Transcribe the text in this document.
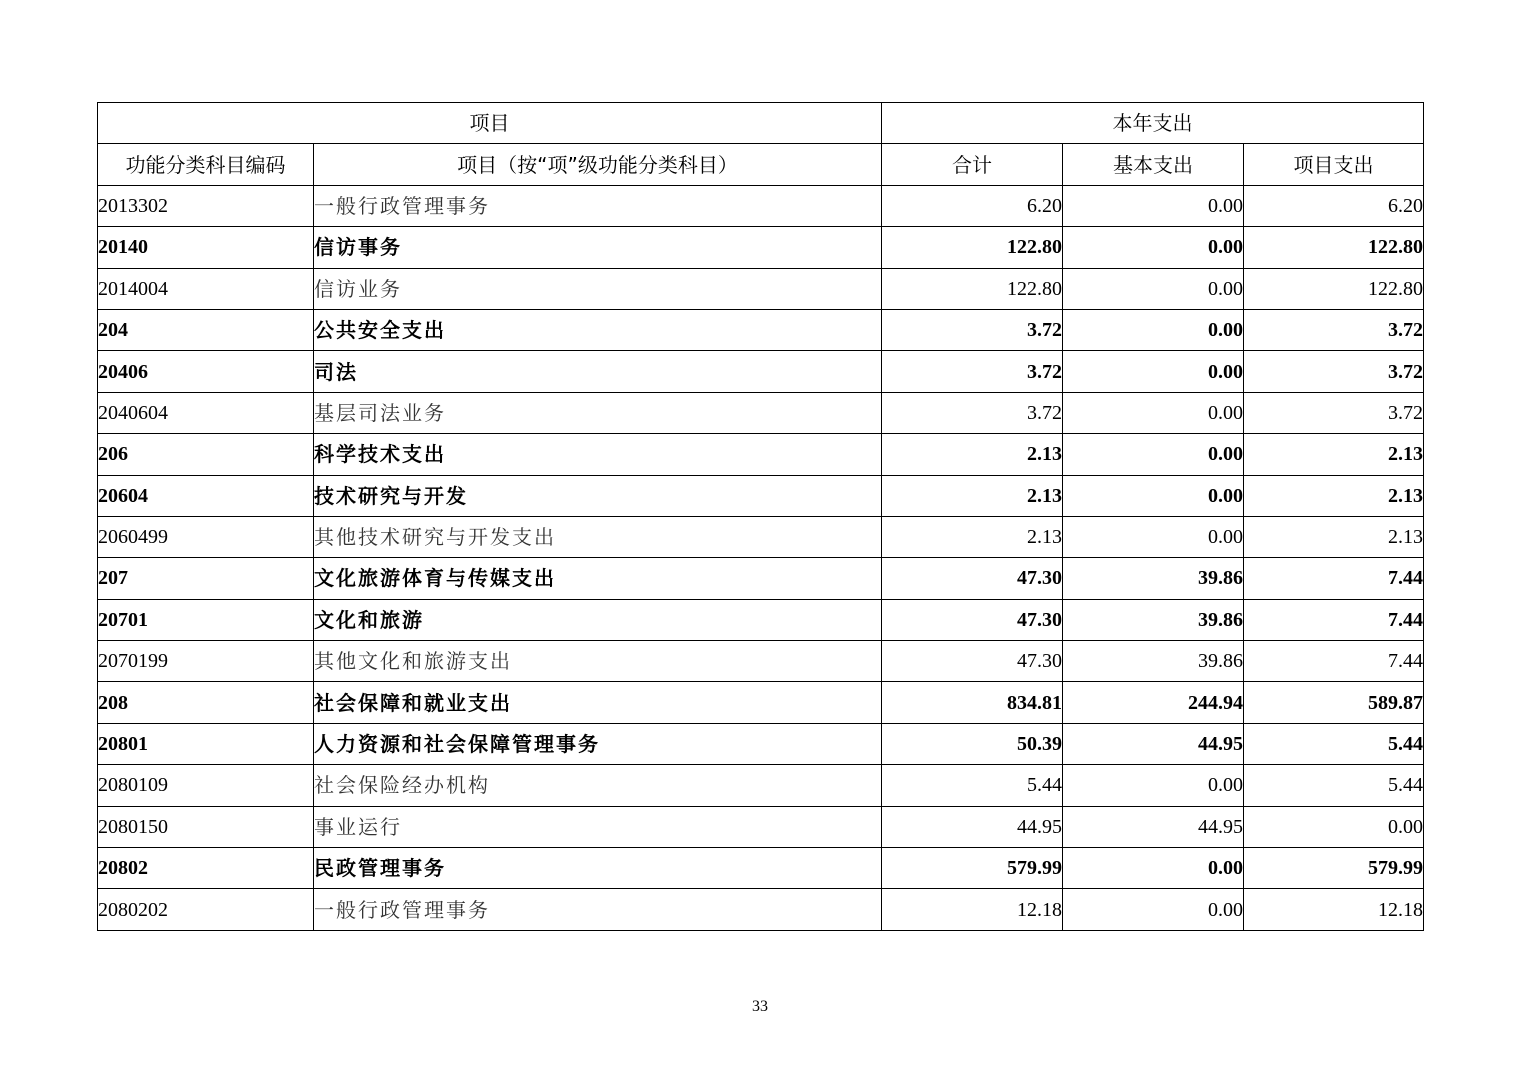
项目		本年支出		
功能分类科目编码	项目（按“项”级功能分类科目）	合计	基本支出	项目支出
2013302	一般行政管理事务	6.20	0.00	6.20
20140	信访事务	122.80	0.00	122.80
2014004	信访业务	122.80	0.00	122.80
204	公共安全支出	3.72	0.00	3.72
20406	司法	3.72	0.00	3.72
2040604	基层司法业务	3.72	0.00	3.72
206	科学技术支出	2.13	0.00	2.13
20604	技术研究与开发	2.13	0.00	2.13
2060499	其他技术研究与开发支出	2.13	0.00	2.13
207	文化旅游体育与传媒支出	47.30	39.86	7.44
20701	文化和旅游	47.30	39.86	7.44
2070199	其他文化和旅游支出	47.30	39.86	7.44
208	社会保障和就业支出	834.81	244.94	589.87
20801	人力资源和社会保障管理事务	50.39	44.95	5.44
2080109	社会保险经办机构	5.44	0.00	5.44
2080150	事业运行	44.95	44.95	0.00
20802	民政管理事务	579.99	0.00	579.99
2080202	一般行政管理事务	12.18	0.00	12.18
33
